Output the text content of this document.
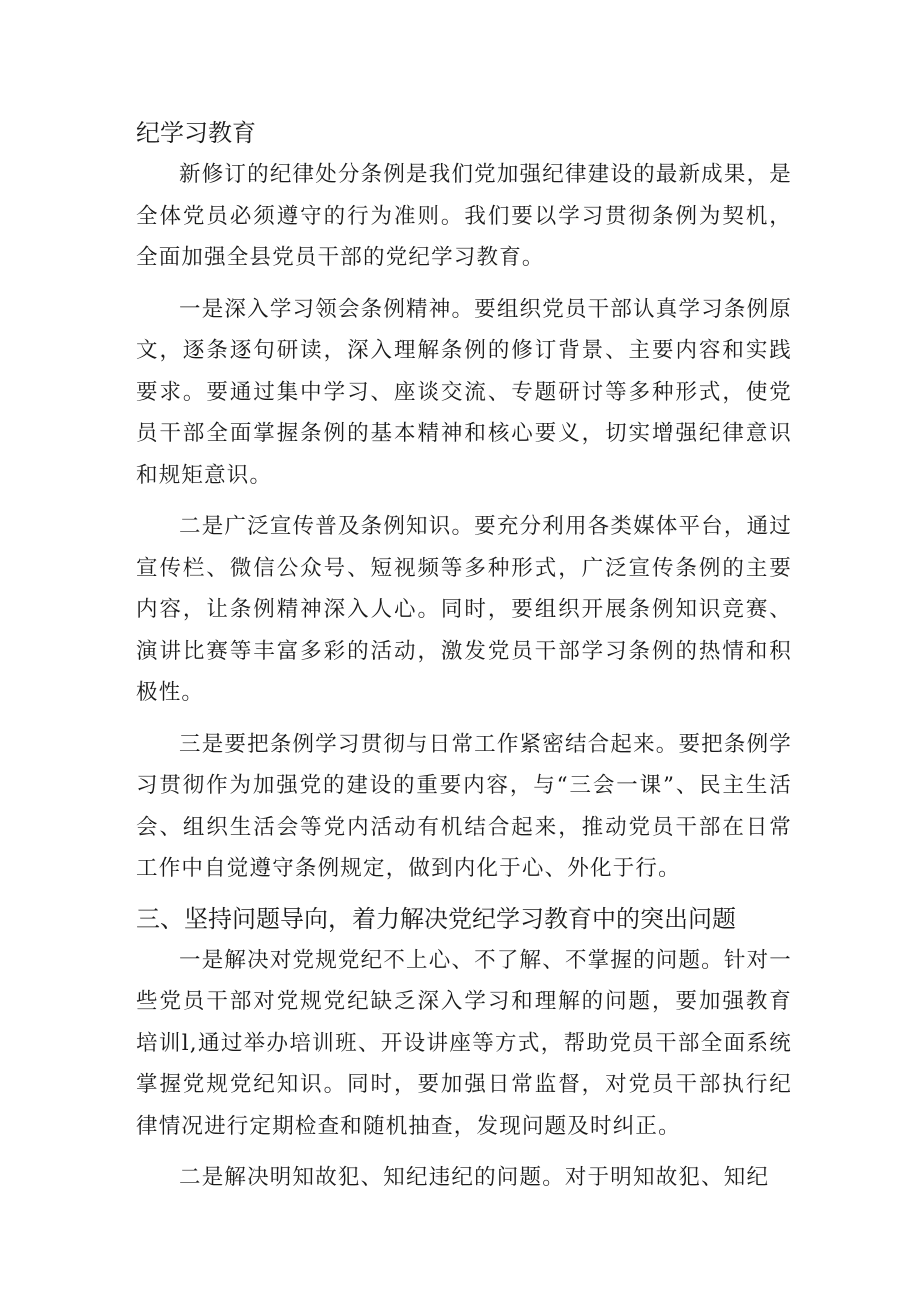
纪学习教育

新修订的纪律处分条例是我们党加强纪律建设的最新成果，是全体党员必须遵守的行为准则。我们要以学习贯彻条例为契机，全面加强全县党员干部的党纪学习教育。

一是深入学习领会条例精神。要组织党员干部认真学习条例原文，逐条逐句研读，深入理解条例的修订背景、主要内容和实践要求。要通过集中学习、座谈交流、专题研讨等多种形式，使党员干部全面掌握条例的基本精神和核心要义，切实增强纪律意识和规矩意识。

二是广泛宣传普及条例知识。要充分利用各类媒体平台，通过宣传栏、微信公众号、短视频等多种形式，广泛宣传条例的主要内容，让条例精神深入人心。同时，要组织开展条例知识竞赛、演讲比赛等丰富多彩的活动，激发党员干部学习条例的热情和积极性。

三是要把条例学习贯彻与日常工作紧密结合起来。要把条例学习贯彻作为加强党的建设的重要内容，与“三会一课”、民主生活会、组织生活会等党内活动有机结合起来，推动党员干部在日常工作中自觉遵守条例规定，做到内化于心、外化于行。

三、坚持问题导向，着力解决党纪学习教育中的突出问题

一是解决对党规党纪不上心、不了解、不掌握的问题。针对一些党员干部对党规党纪缺乏深入学习和理解的问题，要加强教育培训l,通过举办培训班、开设讲座等方式，帮助党员干部全面系统掌握党规党纪知识。同时，要加强日常监督，对党员干部执行纪律情况进行定期检查和随机抽查，发现问题及时纠正。

二是解决明知故犯、知纪违纪的问题。对于明知故犯、知纪
